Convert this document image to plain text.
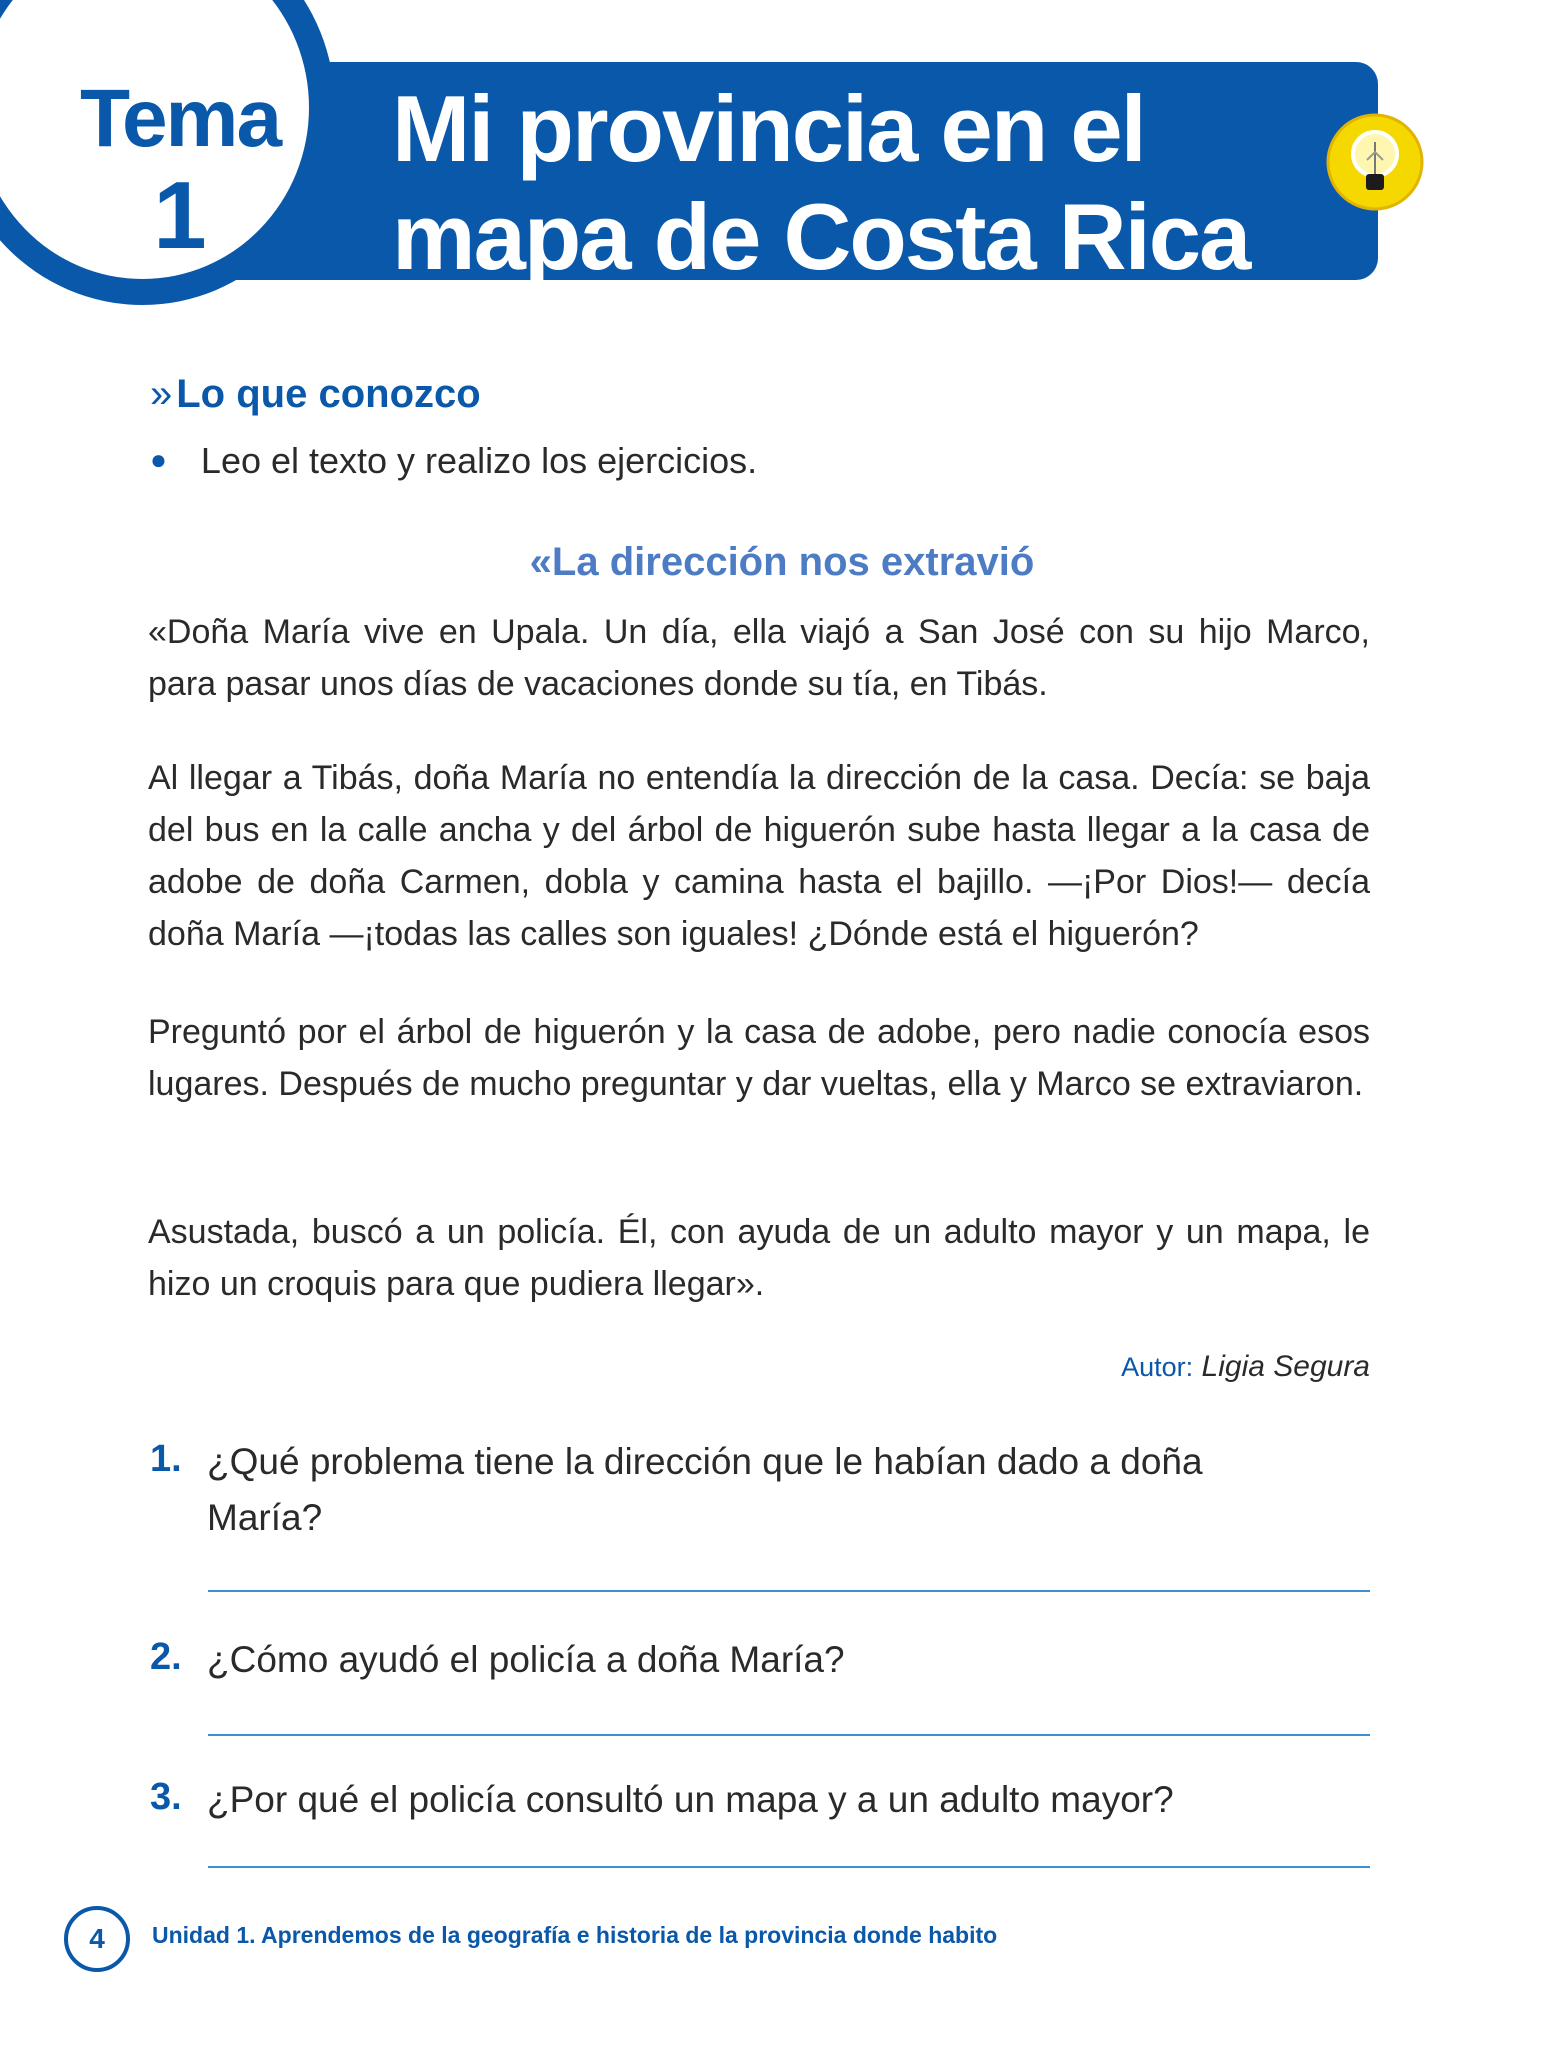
Tema
1
Mi provincia en el
mapa de Costa Rica
» Lo que conozco
● Leo el texto y realizo los ejercicios.
«La dirección nos extravió
«Doña María vive en Upala. Un día, ella viajó a San José con su hijo Marco, para pasar unos días de vacaciones donde su tía, en Tibás.
Al llegar a Tibás, doña María no entendía la dirección de la casa. Decía: se baja del bus en la calle ancha y del árbol de higuerón sube hasta llegar a la casa de adobe de doña Carmen, dobla y camina hasta el bajillo. —¡Por Dios!— decía doña María —¡todas las calles son iguales! ¿Dónde está el higuerón?
Preguntó por el árbol de higuerón y la casa de adobe, pero nadie conocía esos lugares. Después de mucho preguntar y dar vueltas, ella y Marco se extraviaron.
Asustada, buscó a un policía. Él, con ayuda de un adulto mayor y un mapa, le hizo un croquis para que pudiera llegar».
Autor: Ligia Segura
1. ¿Qué problema tiene la dirección que le habían dado a doña María?
2. ¿Cómo ayudó el policía a doña María?
3. ¿Por qué el policía consultó un mapa y a un adulto mayor?
4	Unidad 1. Aprendemos de la geografía e historia de la provincia donde habito
